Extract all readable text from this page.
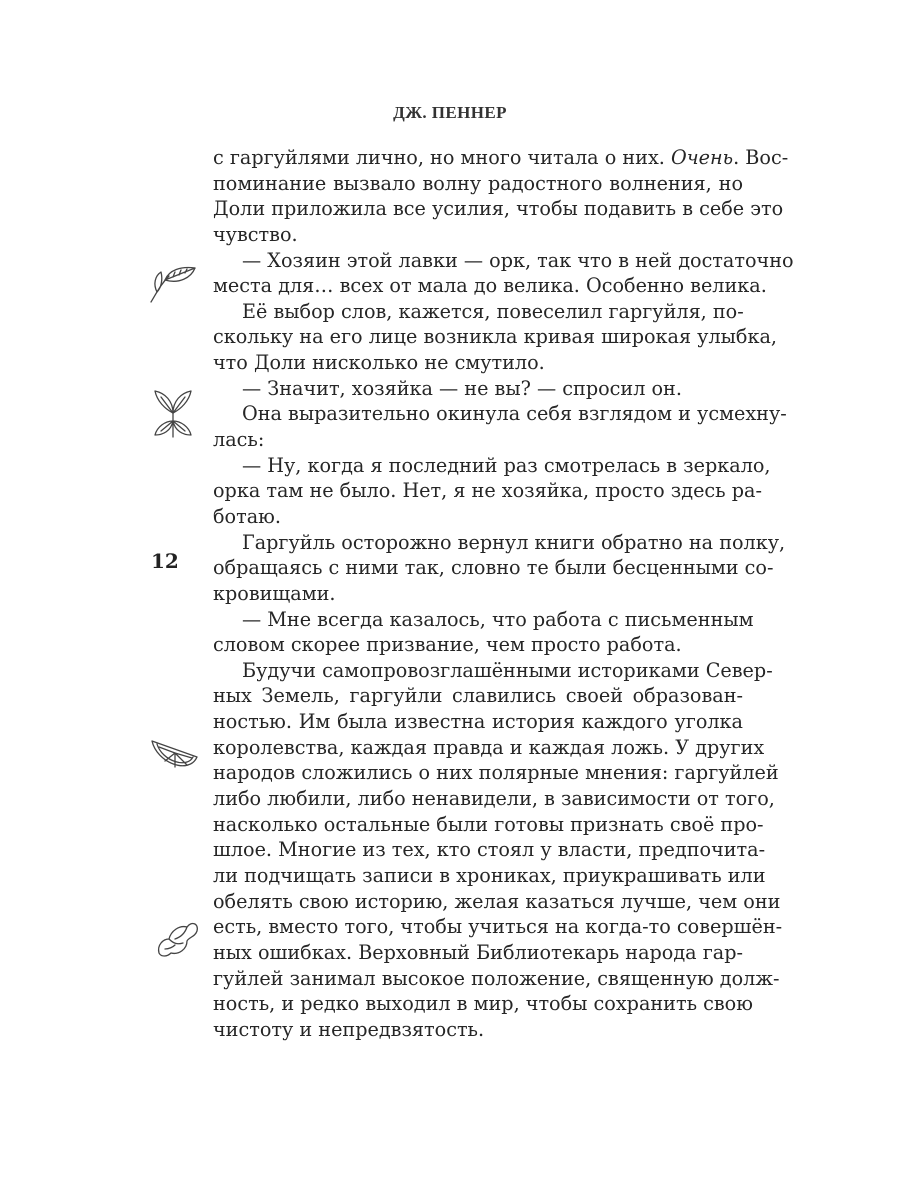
ДЖ. ПЕННЕР
12
с гаргуйлями лично, но много читала о них. Очень. Вос-
поминание вызвало волну радостного волнения, но
Доли приложила все усилия, чтобы подавить в себе это
чувство.
— Хозяин этой лавки — орк, так что в ней достаточно
места для… всех от мала до велика. Особенно велика.
Её выбор слов, кажется, повеселил гаргуйля, по-
скольку на его лице возникла кривая широкая улыбка,
что Доли нисколько не смутило.
— Значит, хозяйка — не вы? — спросил он.
Она выразительно окинула себя взглядом и усмехну-
лась:
— Ну, когда я последний раз смотрелась в зеркало,
орка там не было. Нет, я не хозяйка, просто здесь ра-
ботаю.
Гаргуйль осторожно вернул книги обратно на полку,
обращаясь с ними так, словно те были бесценными со-
кровищами.
— Мне всегда казалось, что работа с письменным
словом скорее призвание, чем просто работа.
Будучи самопровозглашёнными историками Север-
ных Земель, гаргуйли славились своей образован-
ностью. Им была известна история каждого уголка
королевства, каждая правда и каждая ложь. У других
народов сложились о них полярные мнения: гаргуйлей
либо любили, либо ненавидели, в зависимости от того,
насколько остальные были готовы признать своё про-
шлое. Многие из тех, кто стоял у власти, предпочита-
ли подчищать записи в хрониках, приукрашивать или
обелять свою историю, желая казаться лучше, чем они
есть, вместо того, чтобы учиться на когда-то совершён-
ных ошибках. Верховный Библиотекарь народа гар-
гуйлей занимал высокое положение, священную долж-
ность, и редко выходил в мир, чтобы сохранить свою
чистоту и непредвзятость.
